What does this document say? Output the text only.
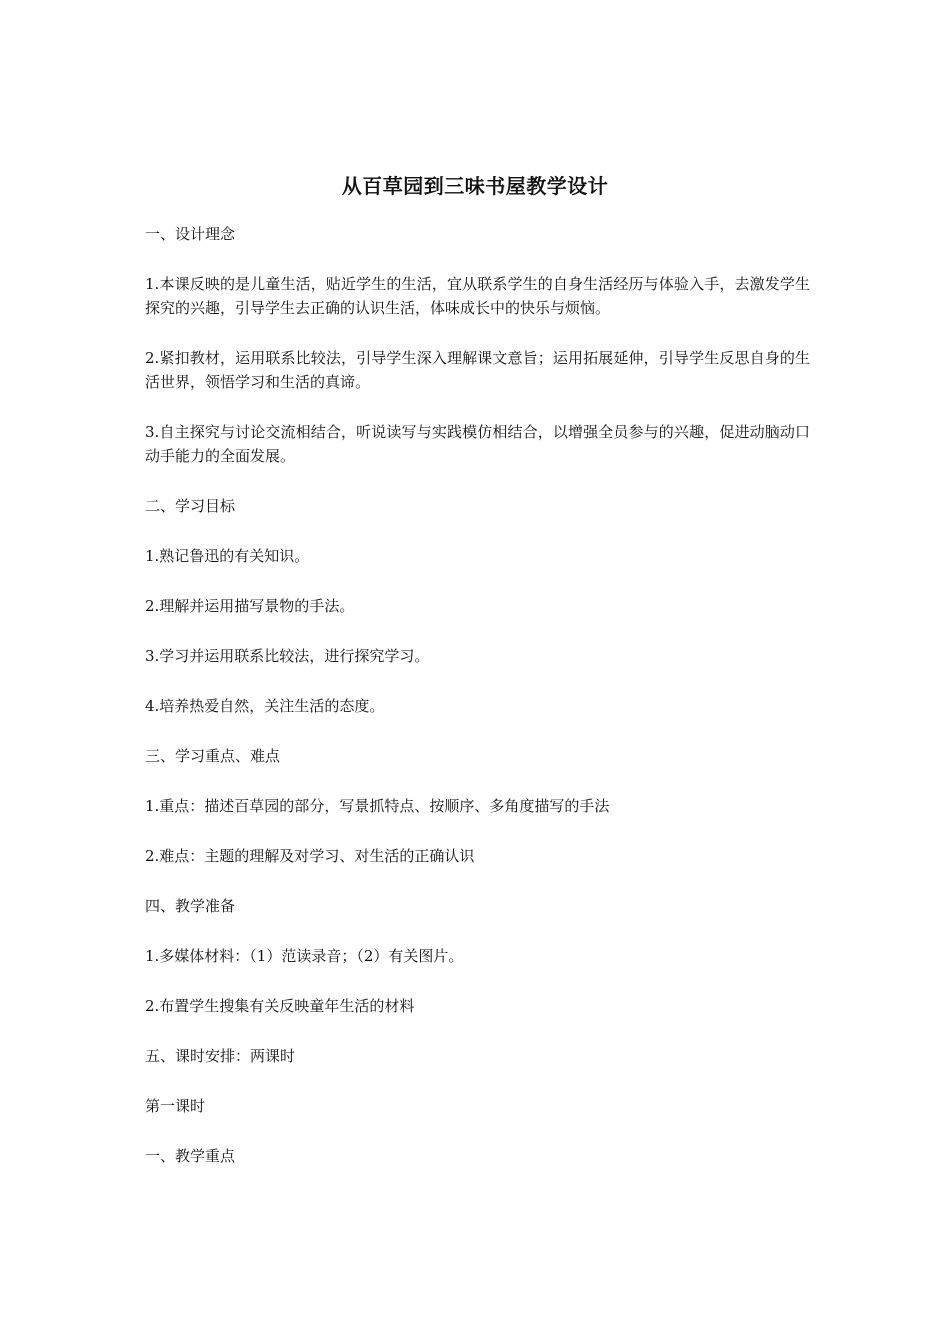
从百草园到三味书屋教学设计

一、设计理念

1.本课反映的是儿童生活，贴近学生的生活，宜从联系学生的自身生活经历与体验入手，去激发学生探究的兴趣，引导学生去正确的认识生活，体味成长中的快乐与烦恼。

2.紧扣教材，运用联系比较法，引导学生深入理解课文意旨；运用拓展延伸，引导学生反思自身的生活世界，领悟学习和生活的真谛。

3.自主探究与讨论交流相结合，听说读写与实践模仿相结合，以增强全员参与的兴趣，促进动脑动口动手能力的全面发展。

二、学习目标

1.熟记鲁迅的有关知识。

2.理解并运用描写景物的手法。

3.学习并运用联系比较法，进行探究学习。

4.培养热爱自然，关注生活的态度。

三、学习重点、难点

1.重点：描述百草园的部分，写景抓特点、按顺序、多角度描写的手法

2.难点：主题的理解及对学习、对生活的正确认识

四、教学准备

1.多媒体材料：（1）范读录音；（2）有关图片。

2.布置学生搜集有关反映童年生活的材料

五、课时安排：两课时

第一课时

一、教学重点
